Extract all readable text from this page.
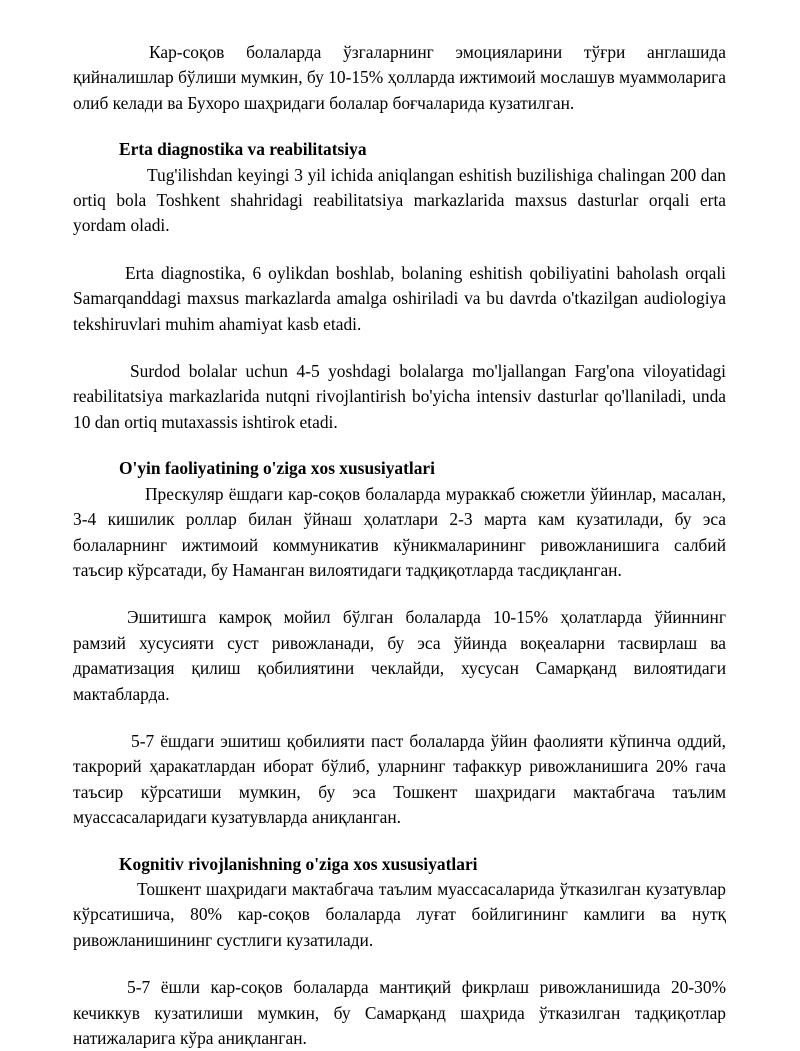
Кар-соқов болаларда ўзгаларнинг эмоцияларини тўғри англашида қийналишлар бўлиши мумкин, бу 10-15% ҳолларда ижтимоий мослашув муаммоларига олиб келади ва Бухоро шаҳридаги болалар боғчаларида кузатилган.

Erta diagnostika va reabilitatsiya

Tug'ilishdan keyingi 3 yil ichida aniqlangan eshitish buzilishiga chalingan 200 dan ortiq bola Toshkent shahridagi reabilitatsiya markazlarida maxsus dasturlar orqali erta yordam oladi.

Erta diagnostika, 6 oylikdan boshlab, bolaning eshitish qobiliyatini baholash orqali Samarqanddagi maxsus markazlarda amalga oshiriladi va bu davrda o'tkazilgan audiologiya tekshiruvlari muhim ahamiyat kasb etadi.

Surdod bolalar uchun 4-5 yoshdagi bolalarga mo'ljallangan Farg'ona viloyatidagi reabilitatsiya markazlarida nutqni rivojlantirish bo'yicha intensiv dasturlar qo'llaniladi, unda 10 dan ortiq mutaxassis ishtirok etadi.

O'yin faoliyatining o'ziga xos xususiyatlari

Прескуляр ёшдаги кар-соқов болаларда мураккаб сюжетли ўйинлар, масалан, 3-4 кишилик роллар билан ўйнаш ҳолатлари 2-3 марта кам кузатилади, бу эса болаларнинг ижтимоий коммуникатив кўникмаларининг ривожланишига салбий таъсир кўрсатади, бу Наманган вилоятидаги тадқиқотларда тасдиқланган.

Эшитишга камроқ мойил бўлган болаларда 10-15% ҳолатларда ўйиннинг рамзий хусусияти суст ривожланади, бу эса ўйинда воқеаларни тасвирлаш ва драматизация қилиш қобилиятини чеклайди, хусусан Самарқанд вилоятидаги мактабларда.

5-7 ёшдаги эшитиш қобилияти паст болаларда ўйин фаолияти кўпинча оддий, такрорий ҳаракатлардан иборат бўлиб, уларнинг тафаккур ривожланишига 20% гача таъсир кўрсатиши мумкин, бу эса Тошкент шаҳридаги мактабгача таълим муассасаларидаги кузатувларда аниқланган.

Kognitiv rivojlanishning o'ziga xos xususiyatlari

Тошкент шаҳридаги мактабгача таълим муассасаларида ўтказилган кузатувлар кўрсатишича, 80% кар-соқов болаларда луғат бойлигининг камлиги ва нутқ ривожланишининг сустлиги кузатилади.

5-7 ёшли кар-соқов болаларда мантиқий фикрлаш ривожланишида 20-30% кечиккув кузатилиши мумкин, бу Самарқанд шаҳрида ўтказилган тадқиқотлар натижаларига кўра аниқланган.
